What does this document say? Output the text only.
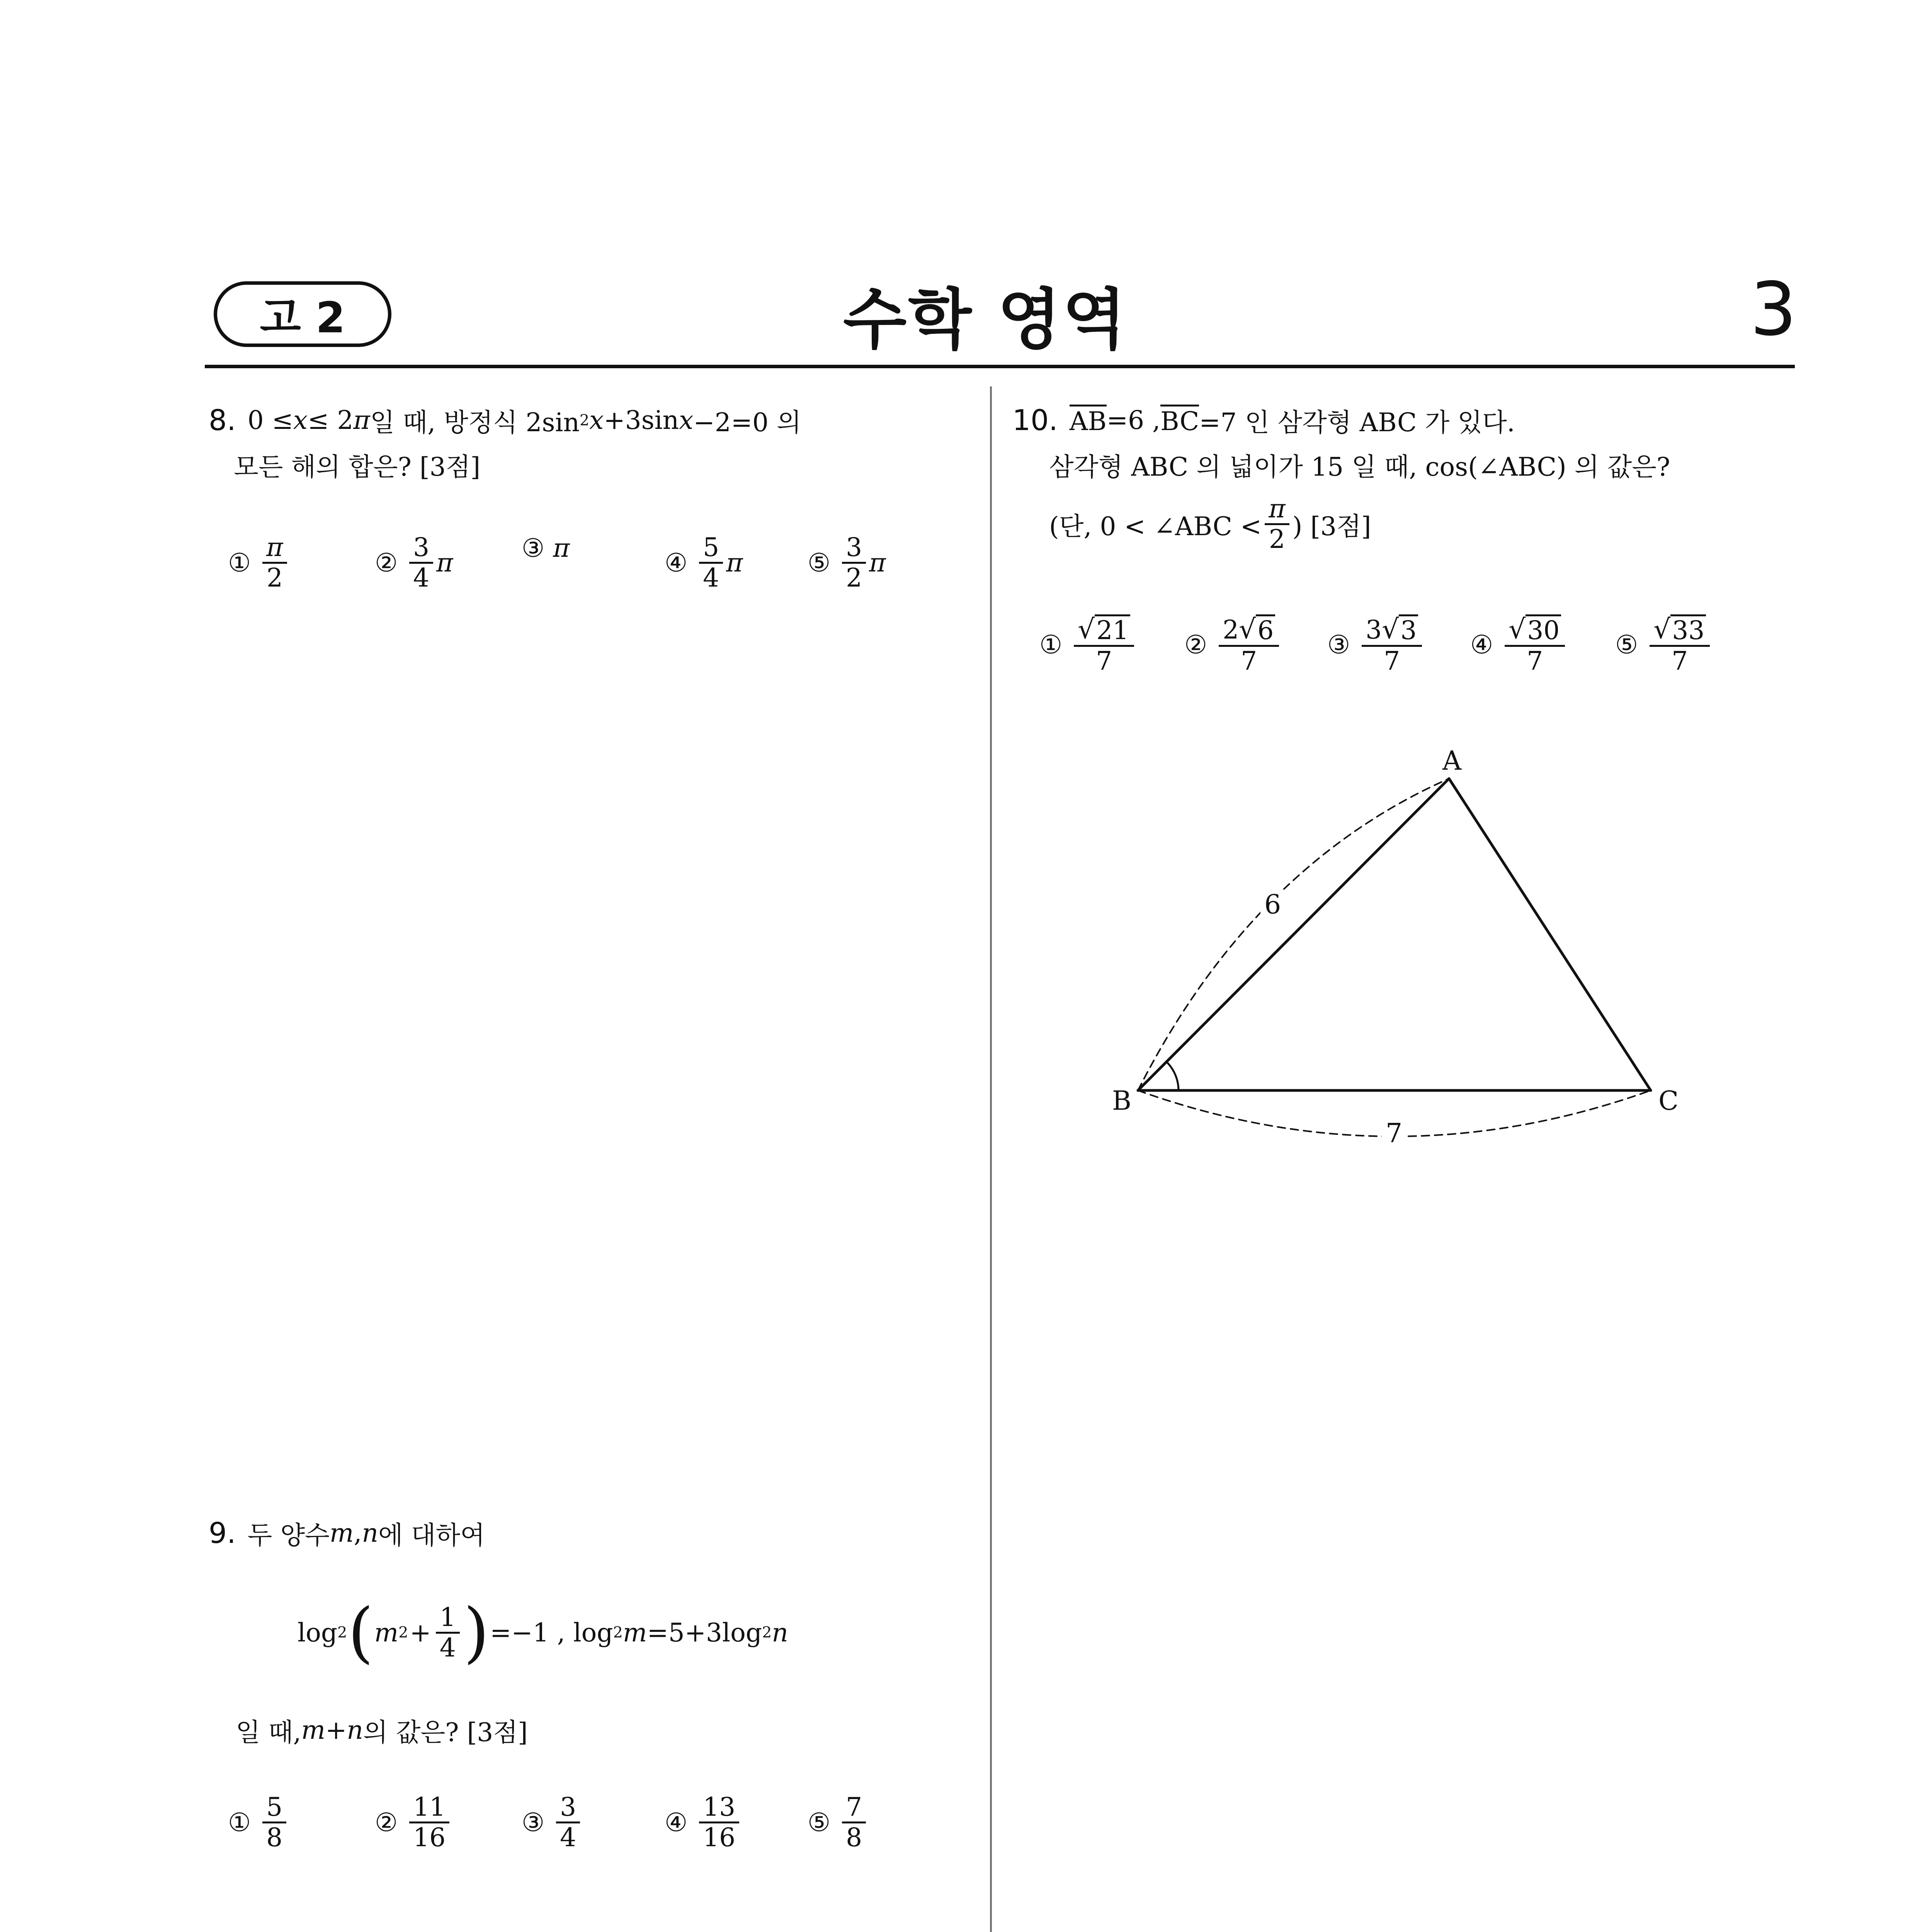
고 2	수학 영역	3
8. 0 ≤ x ≤ 2 π 일 때, 방정식 2sin 2 x +3sin x −2=0 의
모든 해의 합은? [3점]
① $\frac{\pi}{2}$	② $\frac{3}{4}$ π	③ π	④ $\frac{5}{4}$ π	⑤ $\frac{3}{2}$ π
9. 두 양수 m , n 에 대하여
log 2 ( m $2 + \frac{1}{4}$ ) =−1 , log 2 m =5+3log 2 n
일 때, m+n 의 값은? [3점]
① $\frac{5}{8}$	② $\frac{11}{16}$	③ $\frac{3}{4}$	④ $\frac{13}{16}$	⑤ $\frac{7}{8}$
10. AB =6 , BC =7 인 삼각형 ABC 가 있다.
삼각형 ABC 의 넓이가 15 일 때, cos(∠ABC) 의 값은?
(단, 0 < ∠ABC < $\frac{\pi}{2}$ ) [3점]
① $\frac{√ 21}{7}$ ② $\frac{2 √ 6}{7}$ ③ $\frac{3 √ 3}{7}$ ④ $\frac{√ 30}{7}$ ⑤ $\frac{√ 33}{7}$
A
B	C
6
7
